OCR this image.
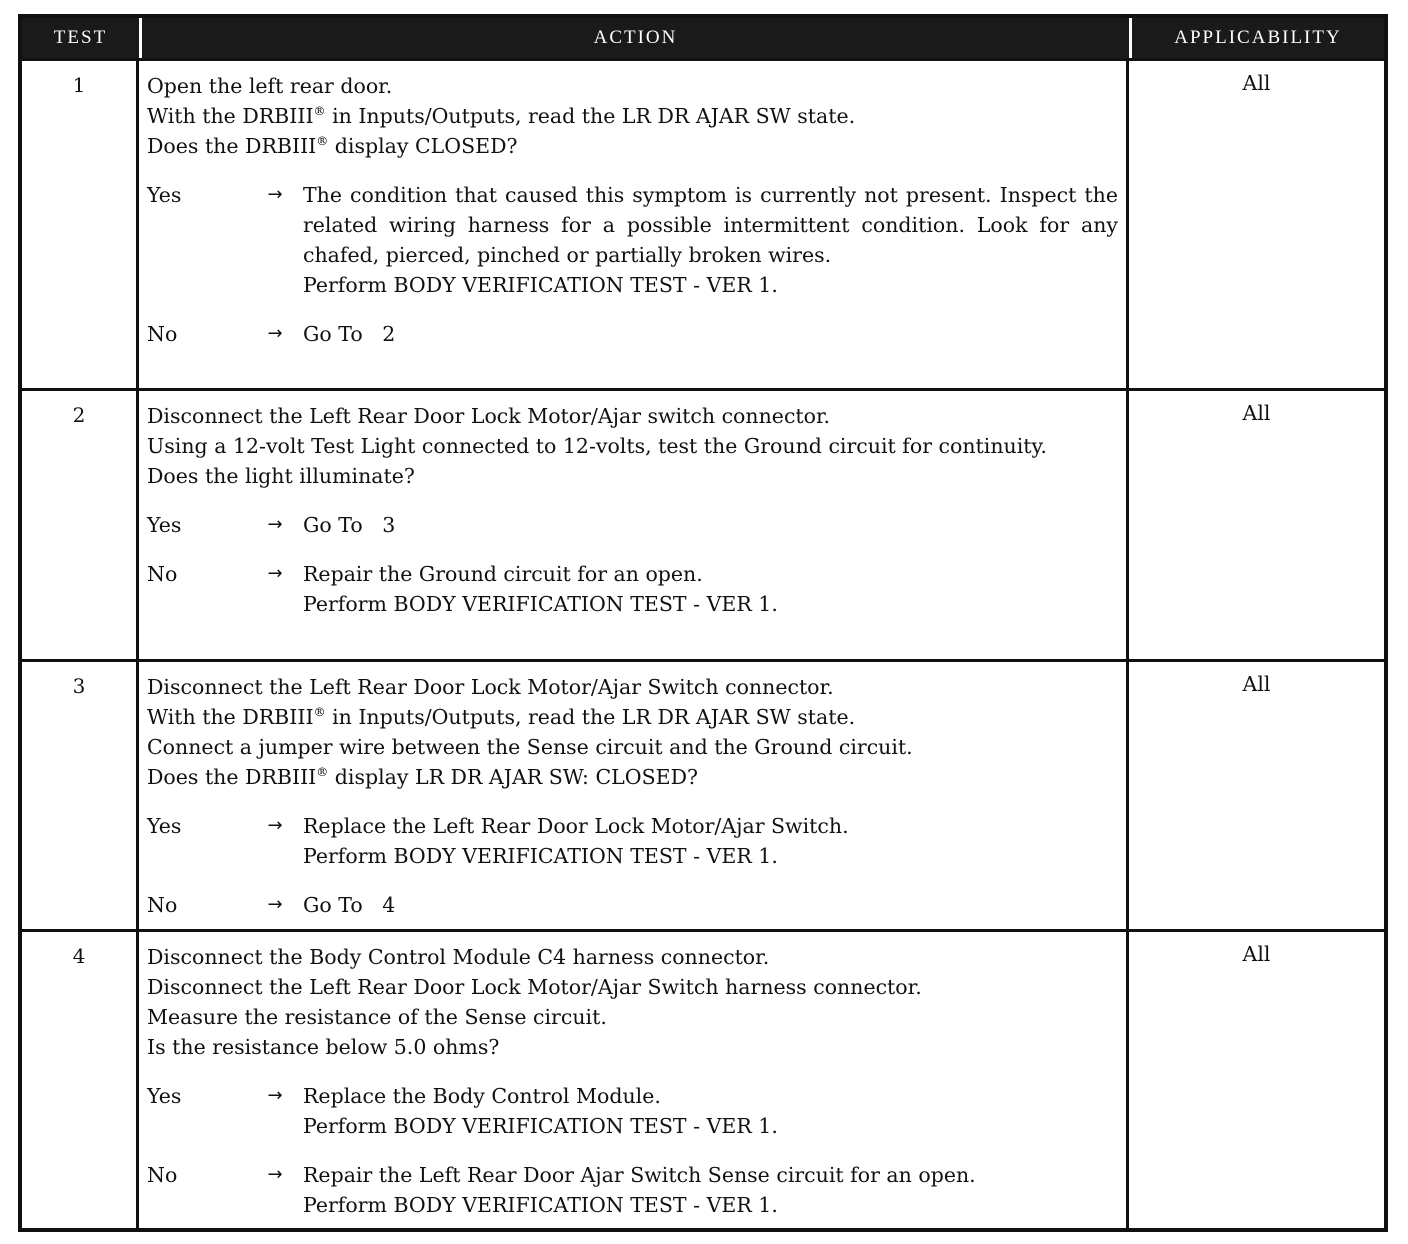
TEST	ACTION	APPLICABILITY
1	Open the left rear door.
With the DRBIII® in Inputs/Outputs, read the LR DR AJAR SW state.
Does the DRBIII® display CLOSED?
Yes	→ The condition that caused this symptom is currently not present. Inspect the related wiring harness for a possible intermittent condition. Look for any chafed, pierced, pinched or partially broken wires.
Perform BODY VERIFICATION TEST - VER 1.
No	→ Go To   2
All
2	Disconnect the Left Rear Door Lock Motor/Ajar switch connector.
Using a 12-volt Test Light connected to 12-volts, test the Ground circuit for continuity.
Does the light illuminate?
Yes	→ Go To   3
No	→ Repair the Ground circuit for an open.
Perform BODY VERIFICATION TEST - VER 1.
All
3	Disconnect the Left Rear Door Lock Motor/Ajar Switch connector.
With the DRBIII® in Inputs/Outputs, read the LR DR AJAR SW state.
Connect a jumper wire between the Sense circuit and the Ground circuit.
Does the DRBIII® display LR DR AJAR SW: CLOSED?
Yes	→ Replace the Left Rear Door Lock Motor/Ajar Switch.
Perform BODY VERIFICATION TEST - VER 1.
No	→ Go To   4
All
4	Disconnect the Body Control Module C4 harness connector.
Disconnect the Left Rear Door Lock Motor/Ajar Switch harness connector.
Measure the resistance of the Sense circuit.
Is the resistance below 5.0 ohms?
Yes	→ Replace the Body Control Module.
Perform BODY VERIFICATION TEST - VER 1.
No	→ Repair the Left Rear Door Ajar Switch Sense circuit for an open.
Perform BODY VERIFICATION TEST - VER 1.
All
